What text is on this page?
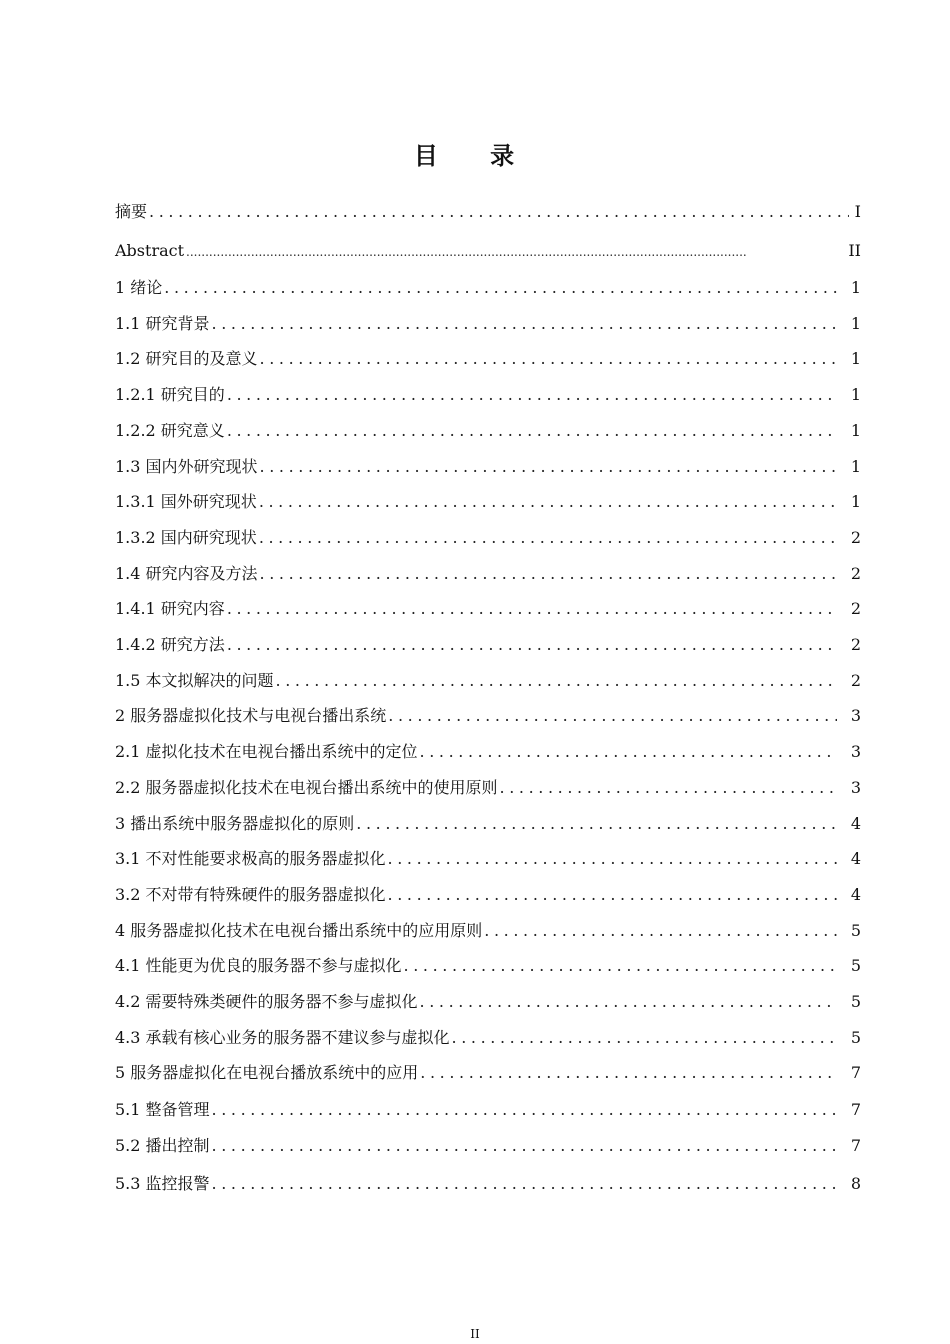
目 录
摘要 .....	I
Abstract .....	II
1 绪论 .....	1
1.1 研究背景 .....	1
1.2 研究目的及意义 .....	1
1.2.1 研究目的 .....	1
1.2.2 研究意义 .....	1
1.3 国内外研究现状 .....	1
1.3.1 国外研究现状 .....	1
1.3.2 国内研究现状 .....	2
1.4 研究内容及方法 .....	2
1.4.1 研究内容 .....	2
1.4.2 研究方法 .....	2
1.5 本文拟解决的问题 .....	2
2 服务器虚拟化技术与电视台播出系统 .....	3
2.1 虚拟化技术在电视台播出系统中的定位 .....	3
2.2 服务器虚拟化技术在电视台播出系统中的使用原则 .....	3
3 播出系统中服务器虚拟化的原则 .....	4
3.1 不对性能要求极高的服务器虚拟化 .....	4
3.2 不对带有特殊硬件的服务器虚拟化 .....	4
4 服务器虚拟化技术在电视台播出系统中的应用原则 .....	5
4.1 性能更为优良的服务器不参与虚拟化 .....	5
4.2 需要特殊类硬件的服务器不参与虚拟化 .....	5
4.3 承载有核心业务的服务器不建议参与虚拟化 .....	5
5 服务器虚拟化在电视台播放系统中的应用 .....	7
5.1 整备管理 .....	7
5.2 播出控制 .....	7
5.3 监控报警 .....	8
II
